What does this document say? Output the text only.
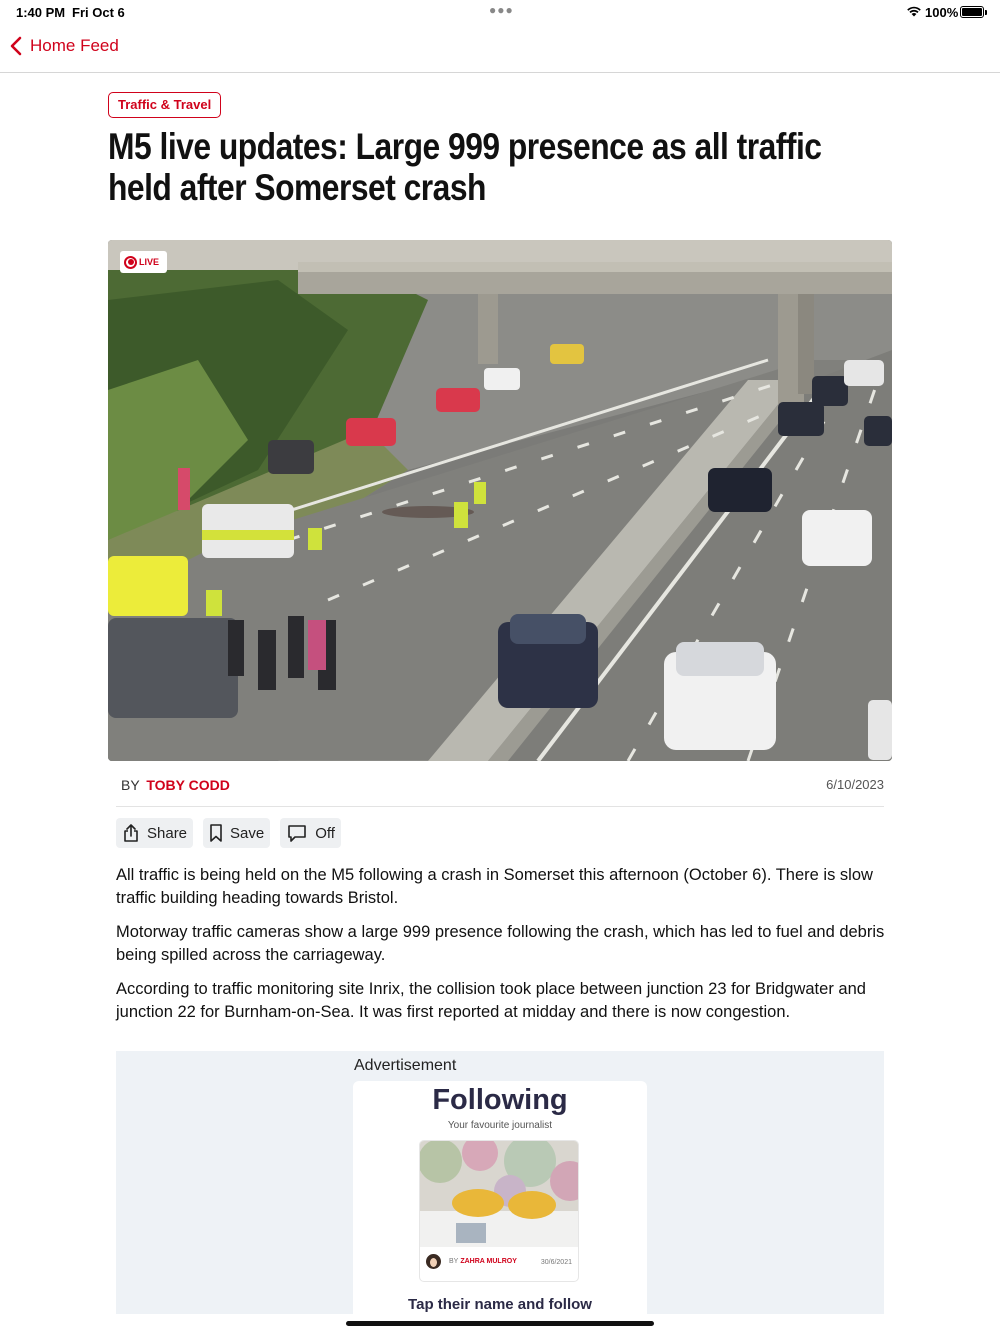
1:40 PM Fri Oct 6	●●●	100%
Home Feed
Traffic & Travel
M5 live updates: Large 999 presence as all traffic held after Somerset crash
LIVE
BY TOBY CODD	6/10/2023
Share	Save	Off

All traffic is being held on the M5 following a crash in Somerset this afternoon (October 6). There is slow traffic building heading towards Bristol.

Motorway traffic cameras show a large 999 presence following the crash, which has led to fuel and debris being spilled across the carriageway.

According to traffic monitoring site Inrix, the collision took place between junction 23 for Bridgwater and junction 22 for Burnham-on-Sea. It was first reported at midday and there is now congestion.

Advertisement
Following
Your favourite journalist
BY ZAHRA MULROY	30/6/2021
Tap their name and follow
